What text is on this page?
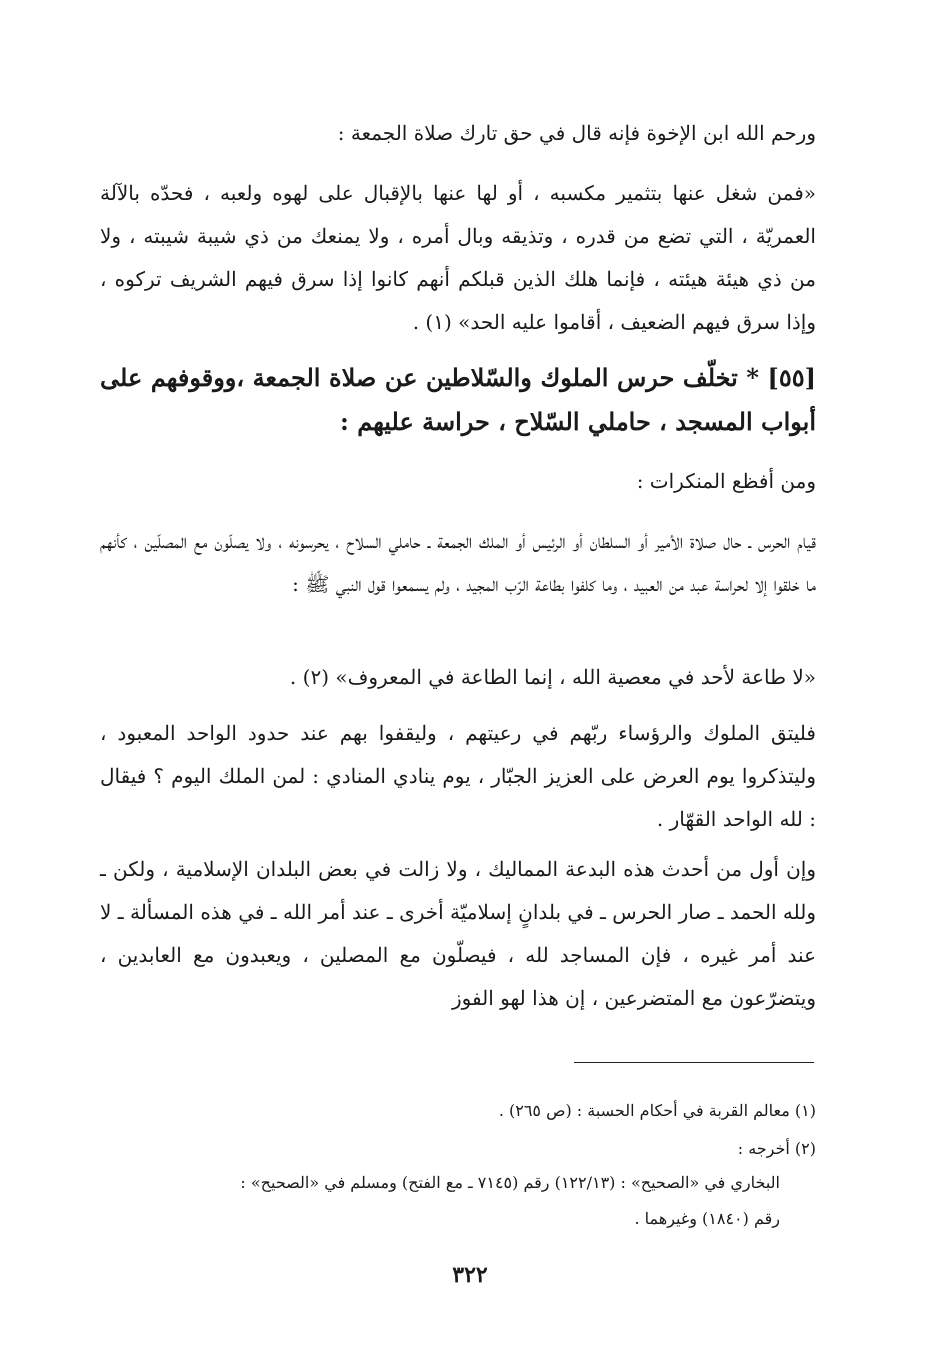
ورحم الله ابن الإخوة فإنه قال في حق تارك صلاة الجمعة :

«فمن شغل عنها بتثمير مكسبه ، أو لها عنها بالإقبال على لهوه ولعبه ، فحدّه بالآلة العمريّة ، التي تضع من قدره ، وتذيقه وبال أمره ، ولا يمنعك من ذي شيبة شيبته ، ولا من ذي هيئة هيئته ، فإنما هلك الذين قبلكم أنهم كانوا إذا سرق فيهم الشريف تركوه ، وإذا سرق فيهم الضعيف ، أقاموا عليه الحد» (١) .

[٥٥] * تخلّف حرس الملوك والسّلاطين عن صلاة الجمعة ،ووقوفهم على أبواب المسجد ، حاملي السّلاح ، حراسة عليهم :

ومن أفظع المنكرات :

قيام الحرس ـ حال صلاة الأمير أو السلطان أو الرئيس أو الملك الجمعة ـ حاملي السلاح ، يحرسونه ، ولا يصلّون مع المصلّين ، كأنهم ما خلقوا إلا لحراسة عبد من العبيد ، وما كلفوا بطاعة الرّب المجيد ، ولم يسمعوا قول النبي ﷺ :

«لا طاعة لأحد في معصية الله ، إنما الطاعة في المعروف» (٢) .

فليتق الملوك والرؤساء ربّهم في رعيتهم ، وليقفوا بهم عند حدود الواحد المعبود ، وليتذكروا يوم العرض على العزيز الجبّار ، يوم ينادي المنادي : لمن الملك اليوم ؟ فيقال : لله الواحد القهّار .

وإن أول من أحدث هذه البدعة المماليك ، ولا زالت في بعض البلدان الإسلامية ، ولكن ـ ولله الحمد ـ صار الحرس ـ في بلدانٍ إسلاميّة أخرى ـ عند أمر الله ـ في هذه المسألة ـ لا عند أمر غيره ، فإن المساجد لله ، فيصلّون مع المصلين ، ويعبدون مع العابدين ، ويتضرّعون مع المتضرعين ، إن هذا لهو الفوز

(١) معالم القربة في أحكام الحسبة : (ص ٢٦٥) .

(٢) أخرجه :

البخاري في «الصحيح» : (١٢٢/١٣) رقم (٧١٤٥ ـ مع الفتح) ومسلم في «الصحيح» :

رقم (١٨٤٠) وغيرهما .

٣٢٢
